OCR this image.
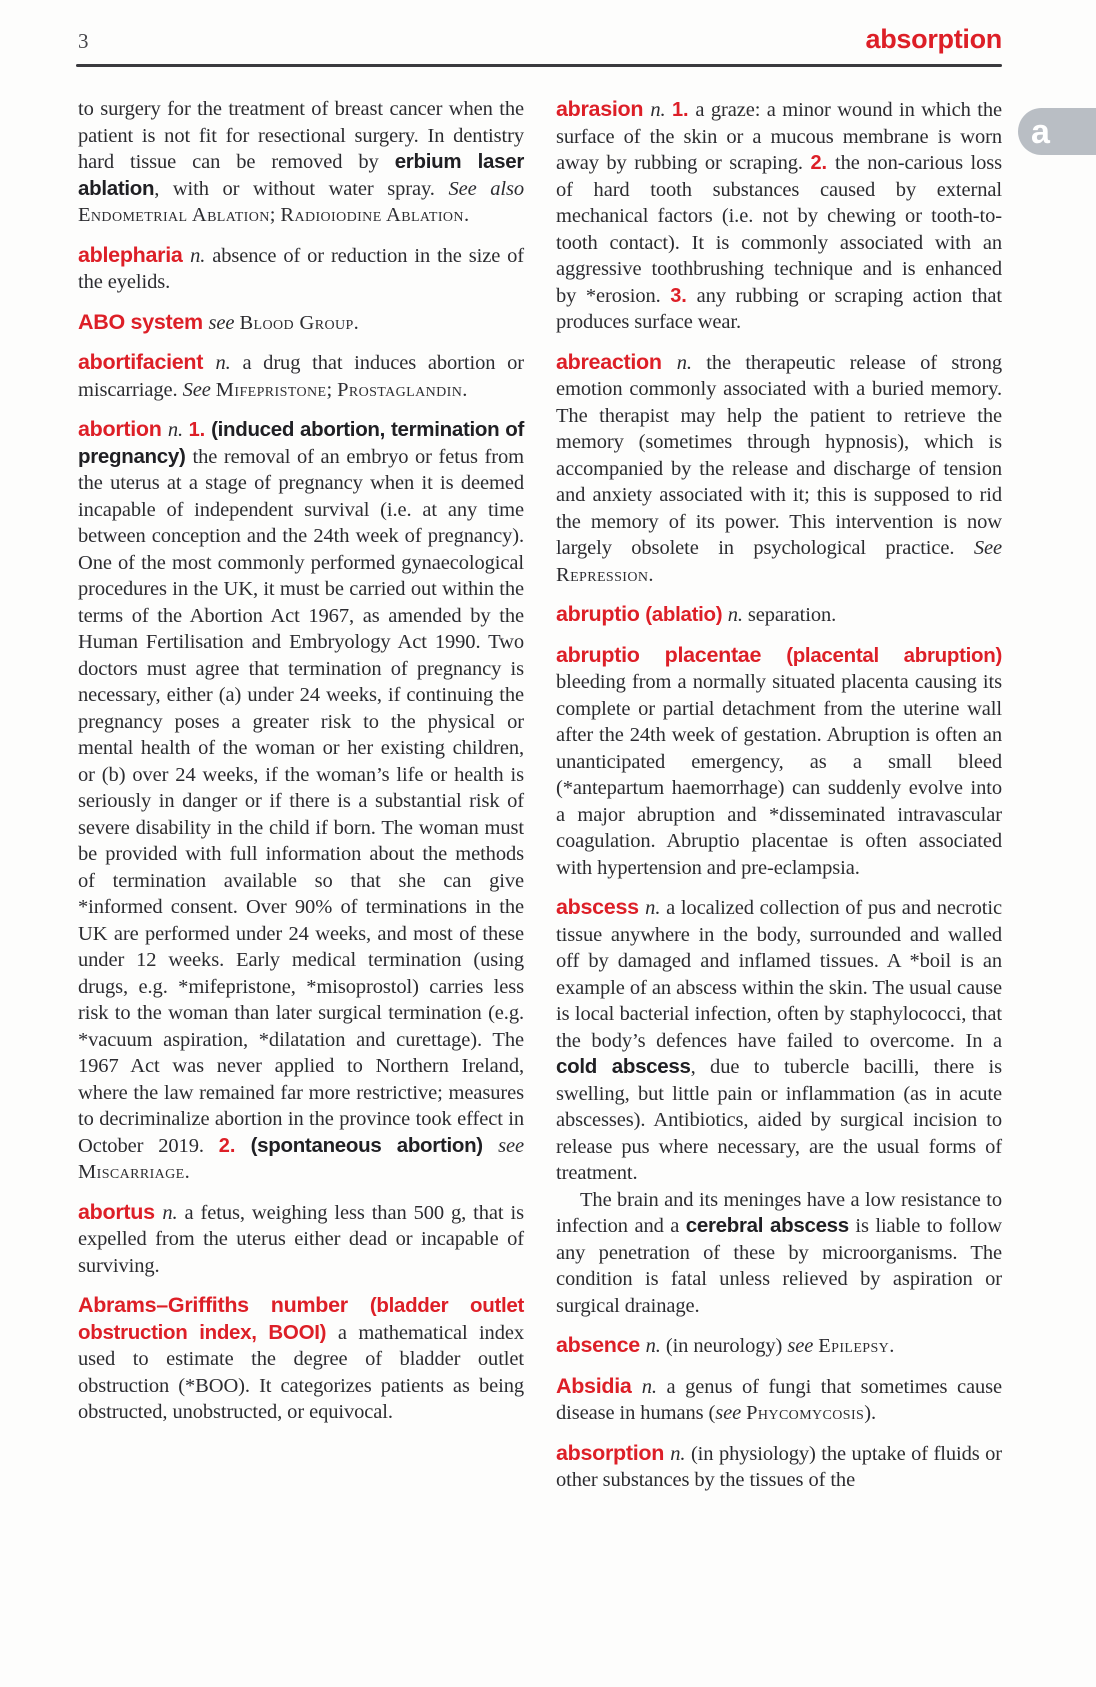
3	absorption

to surgery for the treatment of breast cancer when the patient is not fit for resectional surgery. In dentistry hard tissue can be removed by erbium laser ablation, with or without water spray. See also Endometrial Ablation; Radioiodine Ablation.

ablepharia n. absence of or reduction in the size of the eyelids.

ABO system see Blood Group.

abortifacient n. a drug that induces abortion or miscarriage. See Mifepristone; Prostaglandin.

abortion n. 1. (induced abortion, termination of pregnancy) the removal of an embryo or fetus from the uterus at a stage of pregnancy when it is deemed incapable of independent survival (i.e. at any time between conception and the 24th week of pregnancy). One of the most commonly performed gynaecological procedures in the UK, it must be carried out within the terms of the Abortion Act 1967, as amended by the Human Fertilisation and Embryology Act 1990. Two doctors must agree that termination of pregnancy is necessary, either (a) under 24 weeks, if continuing the pregnancy poses a greater risk to the physical or mental health of the woman or her existing children, or (b) over 24 weeks, if the woman’s life or health is seriously in danger or if there is a substantial risk of severe disability in the child if born. The woman must be provided with full information about the methods of termination available so that she can give *informed consent. Over 90% of terminations in the UK are performed under 24 weeks, and most of these under 12 weeks. Early medical termination (using drugs, e.g. *mifepristone, *misoprostol) carries less risk to the woman than later surgical termination (e.g. *vacuum aspiration, *dilatation and curettage). The 1967 Act was never applied to Northern Ireland, where the law remained far more restrictive; measures to decriminalize abortion in the province took effect in October 2019. 2. (spontaneous abortion) see Miscarriage.

abortus n. a fetus, weighing less than 500 g, that is expelled from the uterus either dead or incapable of surviving.

Abrams–Griffiths number (bladder outlet obstruction index, BOOI) a mathematical index used to estimate the degree of bladder outlet obstruction (*BOO). It categorizes patients as being obstructed, unobstructed, or equivocal.

abrasion n. 1. a graze: a minor wound in which the surface of the skin or a mucous membrane is worn away by rubbing or scraping. 2. the non-carious loss of hard tooth substances caused by external mechanical factors (i.e. not by chewing or tooth-to-tooth contact). It is commonly associated with an aggressive toothbrushing technique and is enhanced by *erosion. 3. any rubbing or scraping action that produces surface wear.

abreaction n. the therapeutic release of strong emotion commonly associated with a buried memory. The therapist may help the patient to retrieve the memory (sometimes through hypnosis), which is accompanied by the release and discharge of tension and anxiety associated with it; this is supposed to rid the memory of its power. This intervention is now largely obsolete in psychological practice. See Repression.

abruptio (ablatio) n. separation.

abruptio placentae (placental abruption) bleeding from a normally situated placenta causing its complete or partial detachment from the uterine wall after the 24th week of gestation. Abruption is often an unanticipated emergency, as a small bleed (*antepartum haemorrhage) can suddenly evolve into a major abruption and *disseminated intravascular coagulation. Abruptio placentae is often associated with hypertension and pre-eclampsia.

abscess n. a localized collection of pus and necrotic tissue anywhere in the body, surrounded and walled off by damaged and inflamed tissues. A *boil is an example of an abscess within the skin. The usual cause is local bacterial infection, often by staphylococci, that the body’s defences have failed to overcome. In a cold abscess, due to tubercle bacilli, there is swelling, but little pain or inflammation (as in acute abscesses). Antibiotics, aided by surgical incision to release pus where necessary, are the usual forms of treatment.

The brain and its meninges have a low resistance to infection and a cerebral abscess is liable to follow any penetration of these by microorganisms. The condition is fatal unless relieved by aspiration or surgical drainage.

absence n. (in neurology) see Epilepsy.

Absidia n. a genus of fungi that sometimes cause disease in humans (see Phycomycosis).

absorption n. (in physiology) the uptake of fluids or other substances by the tissues of the

a
